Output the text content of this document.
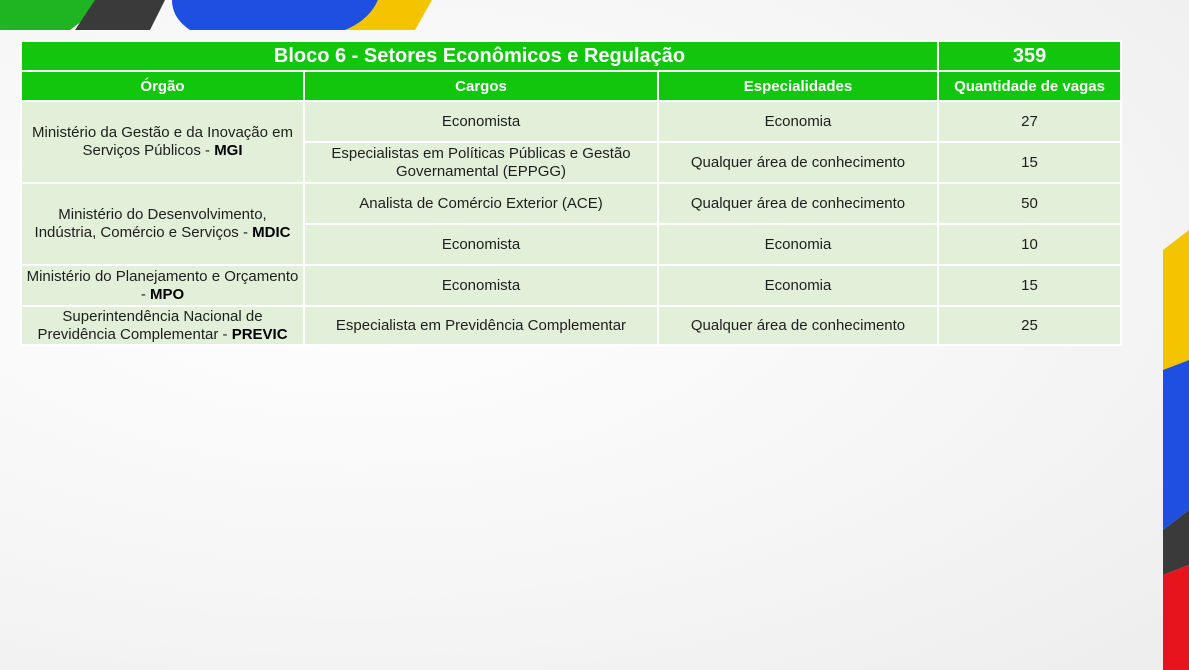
Bloco 6 - Setores Econômicos e Regulação			359
Órgão	Cargos	Especialidades	Quantidade de vagas
Ministério da Gestão e da Inovação em Serviços Públicos - MGI	Economista	Economia	27
	Especialistas em Políticas Públicas e Gestão Governamental (EPPGG)	Qualquer área de conhecimento	15
Ministério do Desenvolvimento, Indústria, Comércio e Serviços - MDIC	Analista de Comércio Exterior (ACE)	Qualquer área de conhecimento	50
	Economista	Economia	10
Ministério do Planejamento e Orçamento - MPO	Economista	Economia	15
Superintendência Nacional de Previdência Complementar - PREVIC	Especialista em Previdência Complementar	Qualquer área de conhecimento	25
